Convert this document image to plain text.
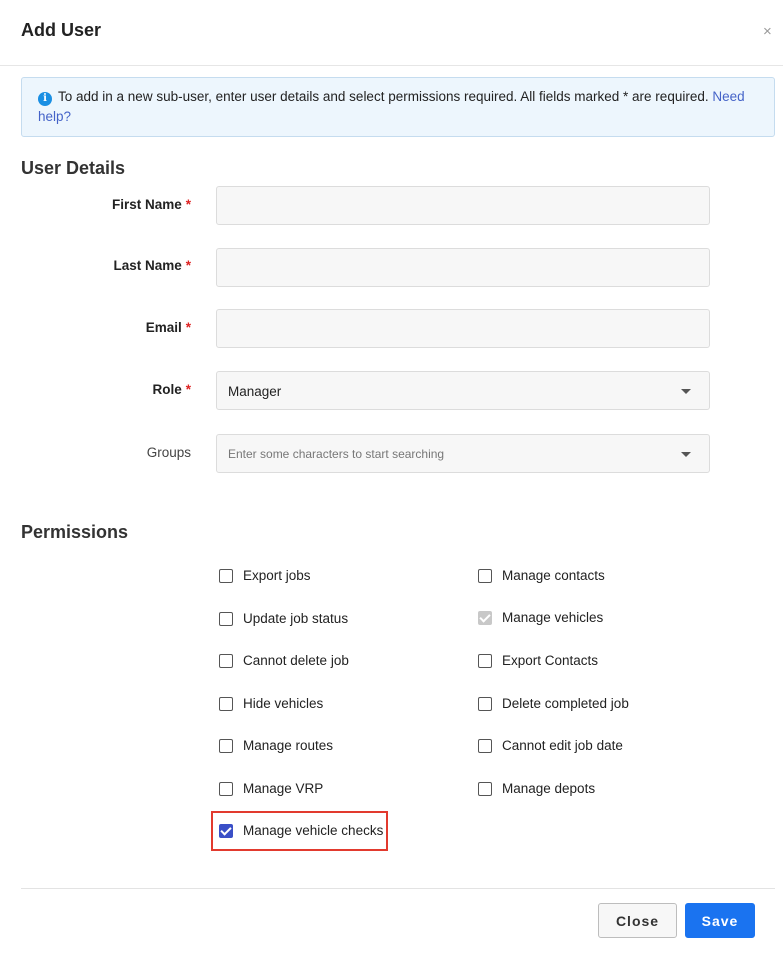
Add User	×
i To add in a new sub-user, enter user details and select permissions required. All fields marked * are required. Need help?
User Details
First Name *
Last Name *
Email *
Role *	Manager
Groups	Enter some characters to start searching
Permissions
Export jobs
Update job status
Cannot delete job
Hide vehicles
Manage routes
Manage VRP
Manage vehicle checks
Manage contacts
Manage vehicles
Export Contacts
Delete completed job
Cannot edit job date
Manage depots
Close	Save
